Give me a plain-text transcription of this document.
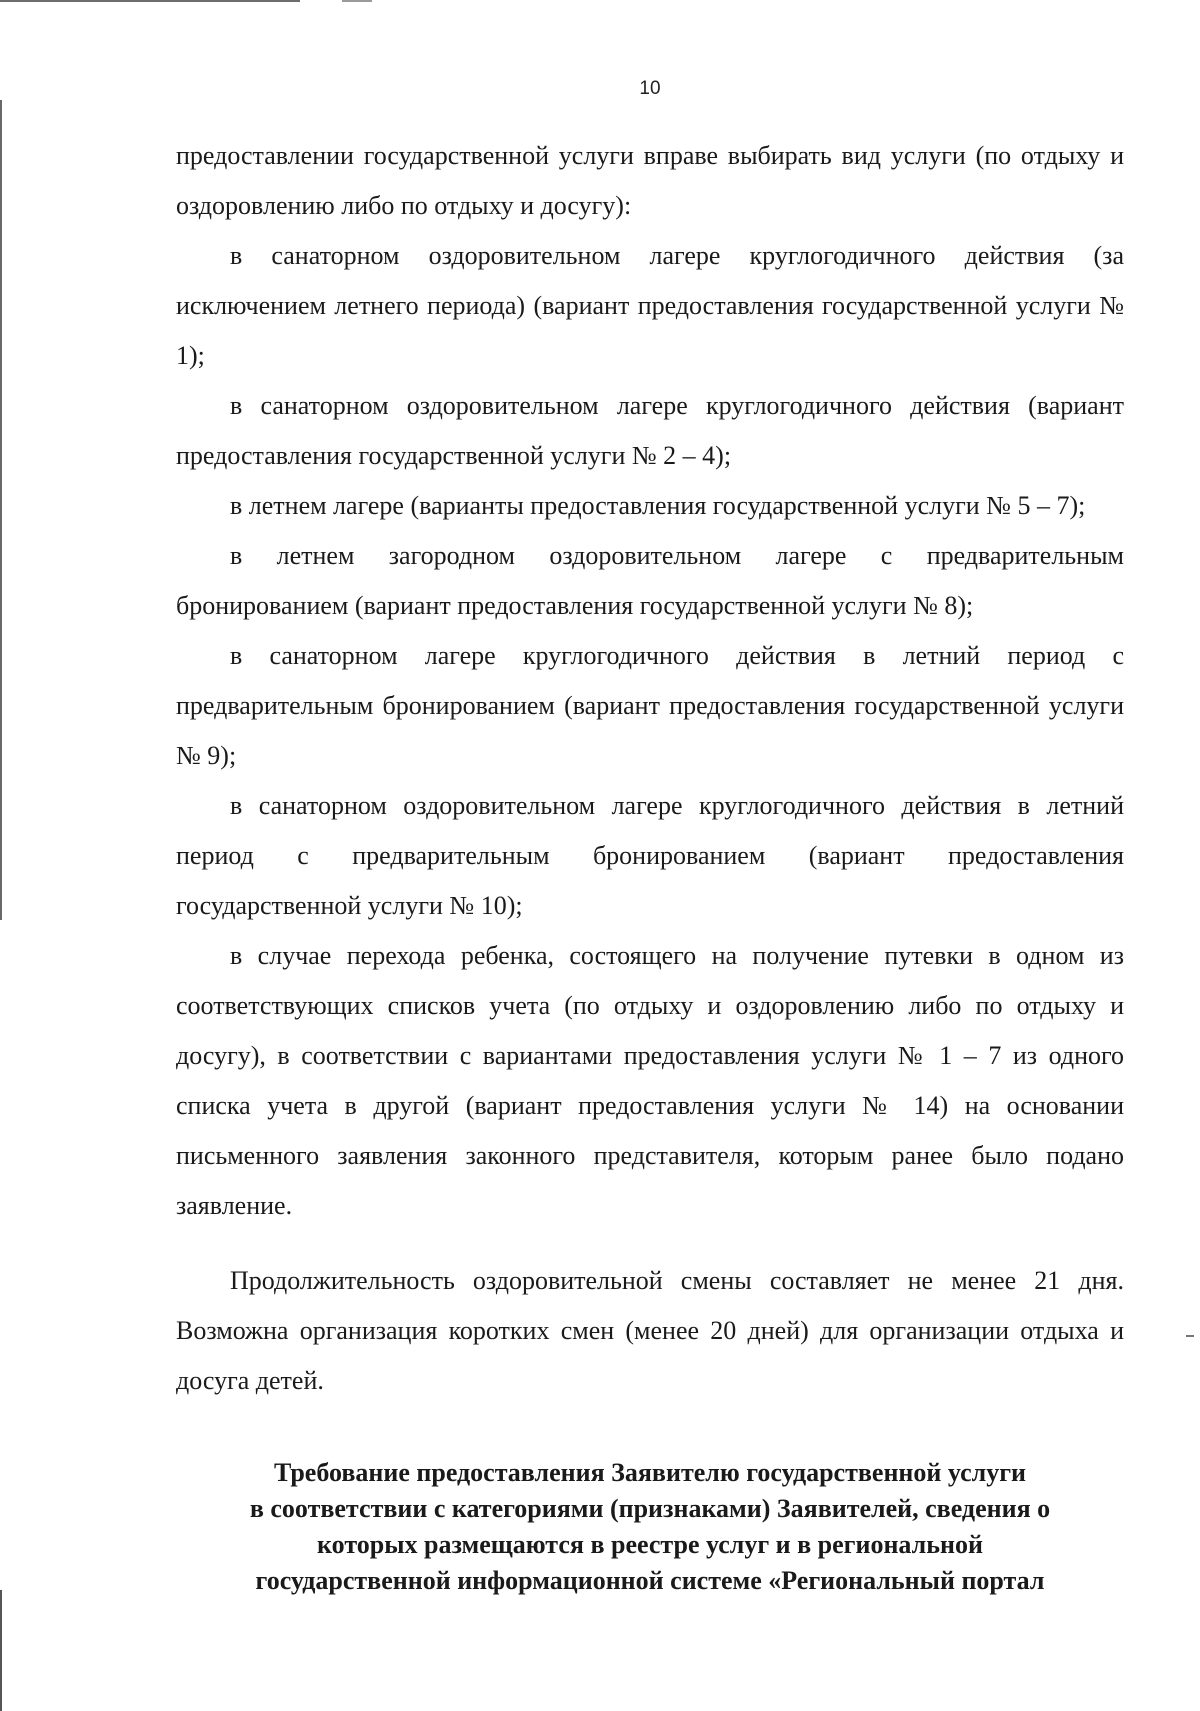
10

предоставлении государственной услуги вправе выбирать вид услуги (по отдыху и оздоровлению либо по отдыху и досугу):

в санаторном оздоровительном лагере круглогодичного действия (за исключением летнего периода) (вариант предоставления государственной услуги № 1);

в санаторном оздоровительном лагере круглогодичного действия (вариант предоставления государственной услуги № 2 – 4);

в летнем лагере (варианты предоставления государственной услуги № 5 – 7);

в летнем загородном оздоровительном лагере с предварительным бронированием (вариант предоставления государственной услуги № 8);

в санаторном лагере круглогодичного действия в летний период с предварительным бронированием (вариант предоставления государственной услуги № 9);

в санаторном оздоровительном лагере круглогодичного действия в летний период с предварительным бронированием (вариант предоставления государственной услуги № 10);

в случае перехода ребенка, состоящего на получение путевки в одном из соответствующих списков учета (по отдыху и оздоровлению либо по отдыху и досугу), в соответствии с вариантами предоставления услуги № 1 – 7 из одного списка учета в другой (вариант предоставления услуги № 14) на основании письменного заявления законного представителя, которым ранее было подано заявление.

Продолжительность оздоровительной смены составляет не менее 21 дня. Возможна организация коротких смен (менее 20 дней) для организации отдыха и досуга детей.

Требование предоставления Заявителю государственной услуги
в соответствии с категориями (признаками) Заявителей, сведения о
которых размещаются в реестре услуг и в региональной
государственной информационной системе «Региональный портал
